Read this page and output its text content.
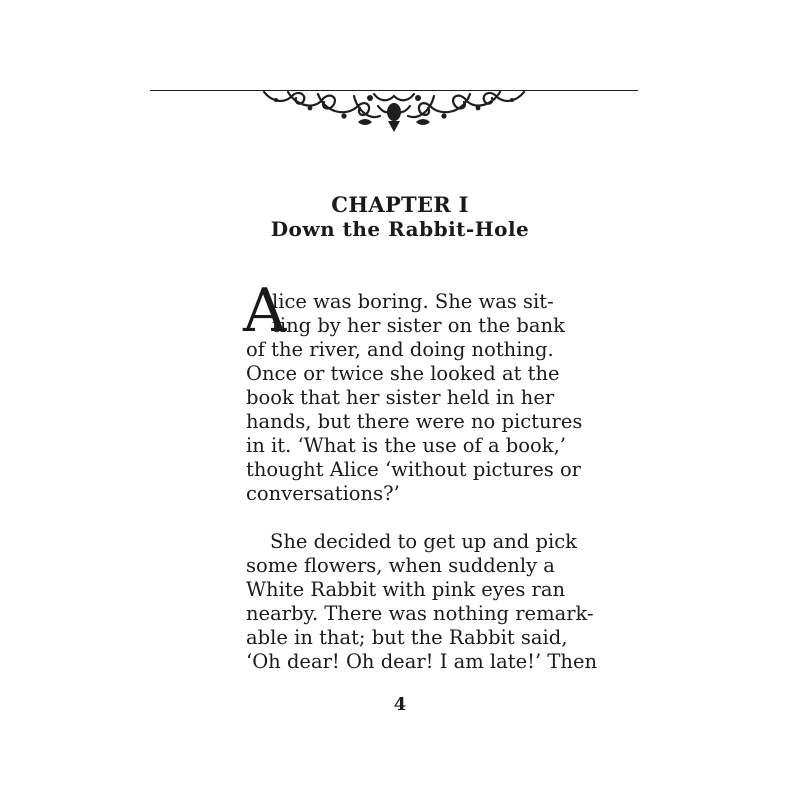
CHAPTER I
Down the Rabbit-Hole
A
lice was boring. She was sit-
ting by her sister on the bank
of the river, and doing nothing.
Once or twice she looked at the
book that her sister held in her
hands, but there were no pictures
in it. ‘What is the use of a book,’
thought Alice ‘without pictures or
conversations?’
She decided to get up and pick
some flowers, when suddenly a
White Rabbit with pink eyes ran
nearby. There was nothing remark-
able in that; but the Rabbit said,
‘Oh dear! Oh dear! I am late!’ Then
4
